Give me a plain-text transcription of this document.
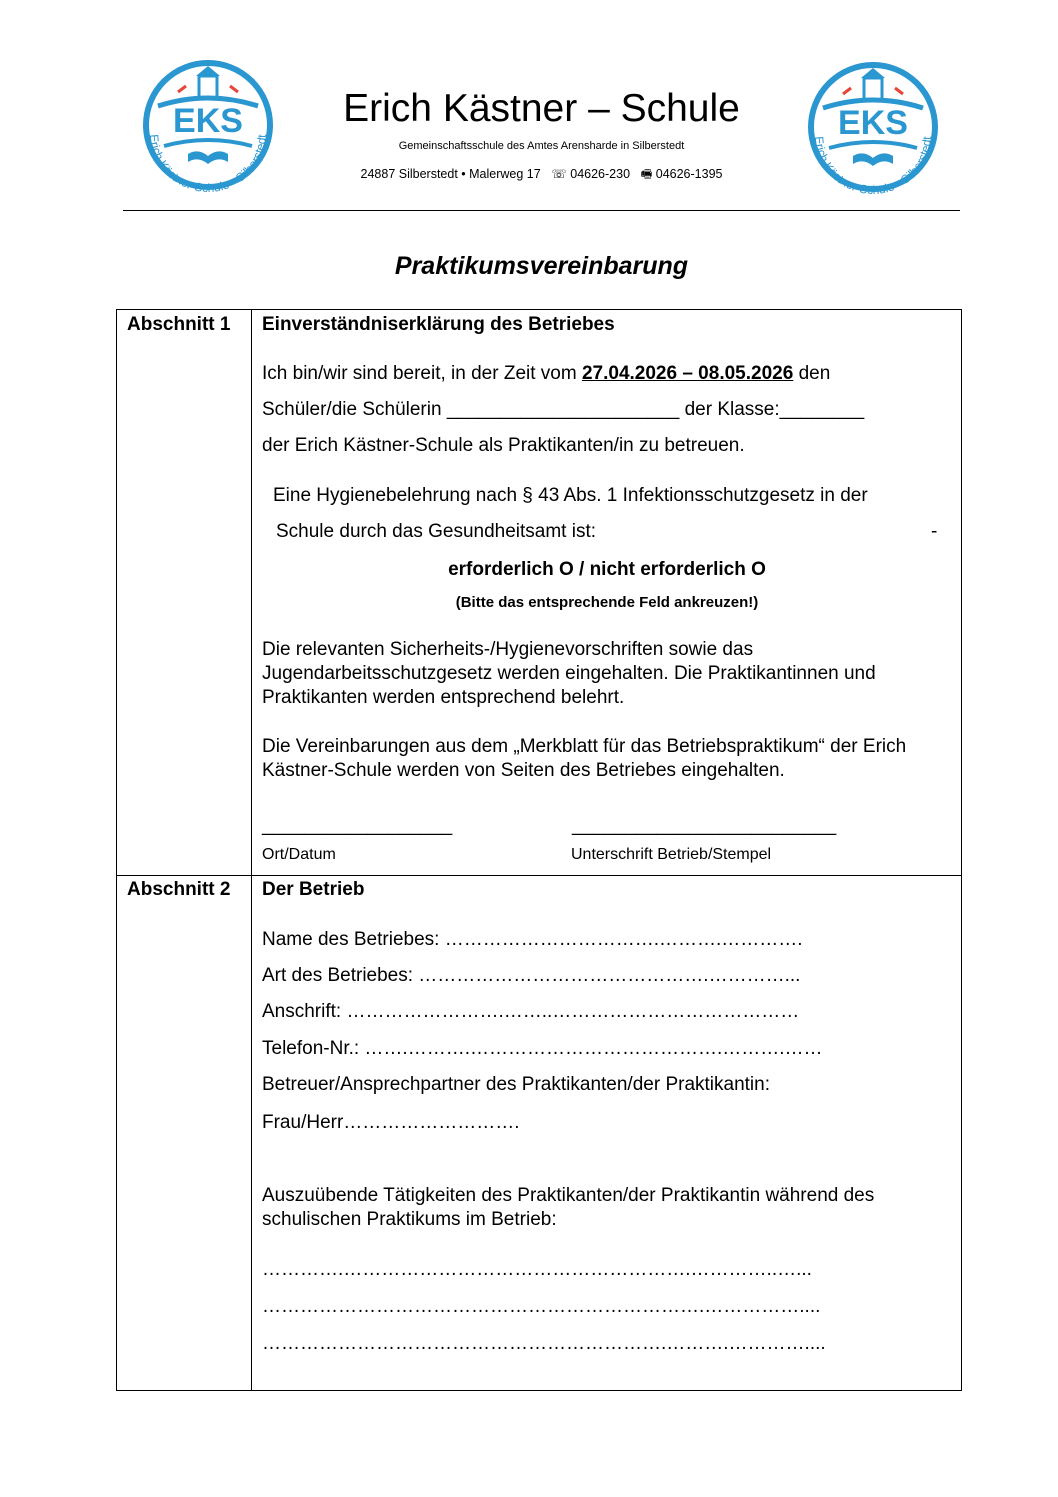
EKS
Erich Kästner-Schule • Silberstedt	EKS
Erich Kästner-Schule • Silberstedt
Erich Kästner – Schule
Gemeinschaftsschule des Amtes Arensharde in Silberstedt
24887 Silberstedt • Malerweg 17 ☏ 04626-230 🖷 04626-1395
Praktikumsvereinbarung
Abschnitt 1 Einverständniserklärung des Betriebes
Ich bin/wir sind bereit, in der Zeit vom 27.04.2026 – 08.05.2026 den
Schüler/die Schülerin ______________________ der Klasse:________
der Erich Kästner-Schule als Praktikanten/in zu betreuen.
Eine Hygienebelehrung nach § 43 Abs. 1 Infektionsschutzgesetz in der
Schule durch das Gesundheitsamt ist:	-
erforderlich O / nicht erforderlich O
(Bitte das entsprechende Feld ankreuzen!)
Die relevanten Sicherheits-/Hygienevorschriften sowie das Jugendarbeitsschutzgesetz werden eingehalten. Die Praktikantinnen und Praktikanten werden entsprechend belehrt.
Die Vereinbarungen aus dem „Merkblatt für das Betriebspraktikum“ der Erich Kästner-Schule werden von Seiten des Betriebes eingehalten.
__________________	_________________________
Ort/Datum	Unterschrift Betrieb/Stempel
Abschnitt 2 Der Betrieb
Name des Betriebes: …………………………….……….………….
Art des Betriebes: ……………………………………….…………...
Anschrift: …………………….……..…………………………………
Telefon-Nr.: …….……….………………………………….……….……
Betreuer/Ansprechpartner des Praktikanten/der Praktikantin:
Frau/Herr……………………….
Auszuübende Tätigkeiten des Praktikanten/der Praktikantin während des schulischen Praktikums im Betrieb:
………….……………………………………………….…………..…...
…………………………………………………………….……………....
……………………………………………………….……….…………....
